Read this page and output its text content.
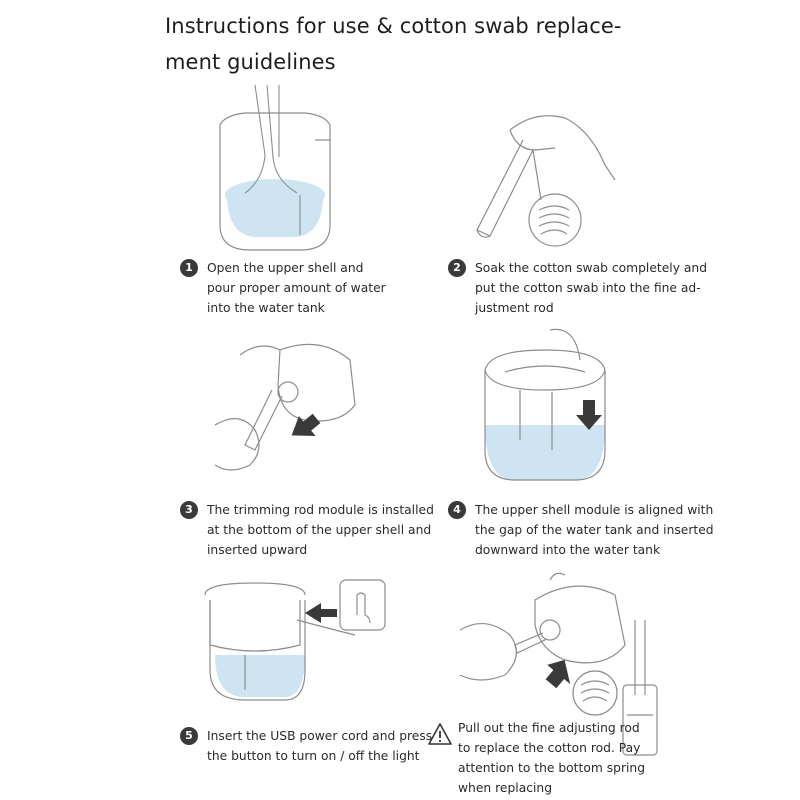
Instructions for use & cotton swab replace-
ment guidelines
1	Open the upper shell and
pour proper amount of water
into the water tank
2	Soak the cotton swab completely and
put the cotton swab into the fine ad-
justment rod
3	The trimming rod module is installed
at the bottom of the upper shell and
inserted upward
4	The upper shell module is aligned with
the gap of the water tank and inserted
downward into the water tank
5	Insert the USB power cord and press
the button to turn on / off the light
Pull out the fine adjusting rod
to replace the cotton rod. Pay
attention to the bottom spring
when replacing
